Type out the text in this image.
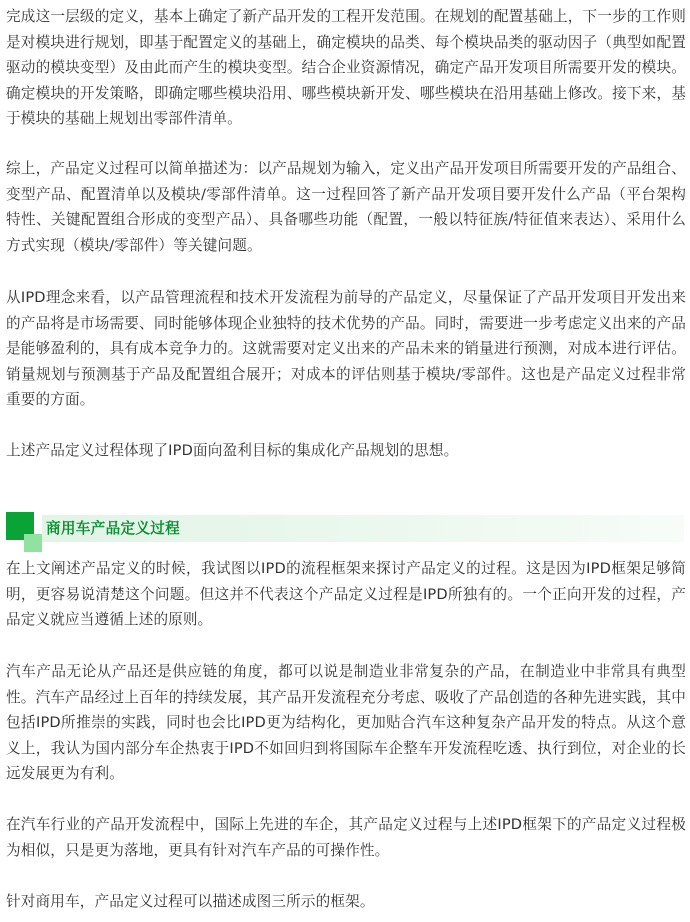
完成这一层级的定义，基本上确定了新产品开发的工程开发范围。在规划的配置基础上，下一步的工作则是对模块进行规划，即基于配置定义的基础上，确定模块的品类、每个模块品类的驱动因子（典型如配置驱动的模块变型）及由此而产生的模块变型。结合企业资源情况，确定产品开发项目所需要开发的模块。确定模块的开发策略，即确定哪些模块沿用、哪些模块新开发、哪些模块在沿用基础上修改。接下来，基于模块的基础上规划出零部件清单。

综上，产品定义过程可以简单描述为：以产品规划为输入，定义出产品开发项目所需要开发的产品组合、变型产品、配置清单以及模块/零部件清单。这一过程回答了新产品开发项目要开发什么产品（平台架构特性、关键配置组合形成的变型产品）、具备哪些功能（配置，一般以特征族/特征值来表达）、采用什么方式实现（模块/零部件）等关键问题。

从IPD理念来看，以产品管理流程和技术开发流程为前导的产品定义，尽量保证了产品开发项目开发出来的产品将是市场需要、同时能够体现企业独特的技术优势的产品。同时，需要进一步考虑定义出来的产品是能够盈利的，具有成本竞争力的。这就需要对定义出来的产品未来的销量进行预测，对成本进行评估。销量规划与预测基于产品及配置组合展开；对成本的评估则基于模块/零部件。这也是产品定义过程非常重要的方面。

上述产品定义过程体现了IPD面向盈利目标的集成化产品规划的思想。

商用车产品定义过程

在上文阐述产品定义的时候，我试图以IPD的流程框架来探讨产品定义的过程。这是因为IPD框架足够简明，更容易说清楚这个问题。但这并不代表这个产品定义过程是IPD所独有的。一个正向开发的过程，产品定义就应当遵循上述的原则。

汽车产品无论从产品还是供应链的角度，都可以说是制造业非常复杂的产品，在制造业中非常具有典型性。汽车产品经过上百年的持续发展，其产品开发流程充分考虑、吸收了产品创造的各种先进实践，其中包括IPD所推崇的实践，同时也会比IPD更为结构化，更加贴合汽车这种复杂产品开发的特点。从这个意义上，我认为国内部分车企热衷于IPD不如回归到将国际车企整车开发流程吃透、执行到位，对企业的长远发展更为有利。

在汽车行业的产品开发流程中，国际上先进的车企，其产品定义过程与上述IPD框架下的产品定义过程极为相似，只是更为落地，更具有针对汽车产品的可操作性。

针对商用车，产品定义过程可以描述成图三所示的框架。
